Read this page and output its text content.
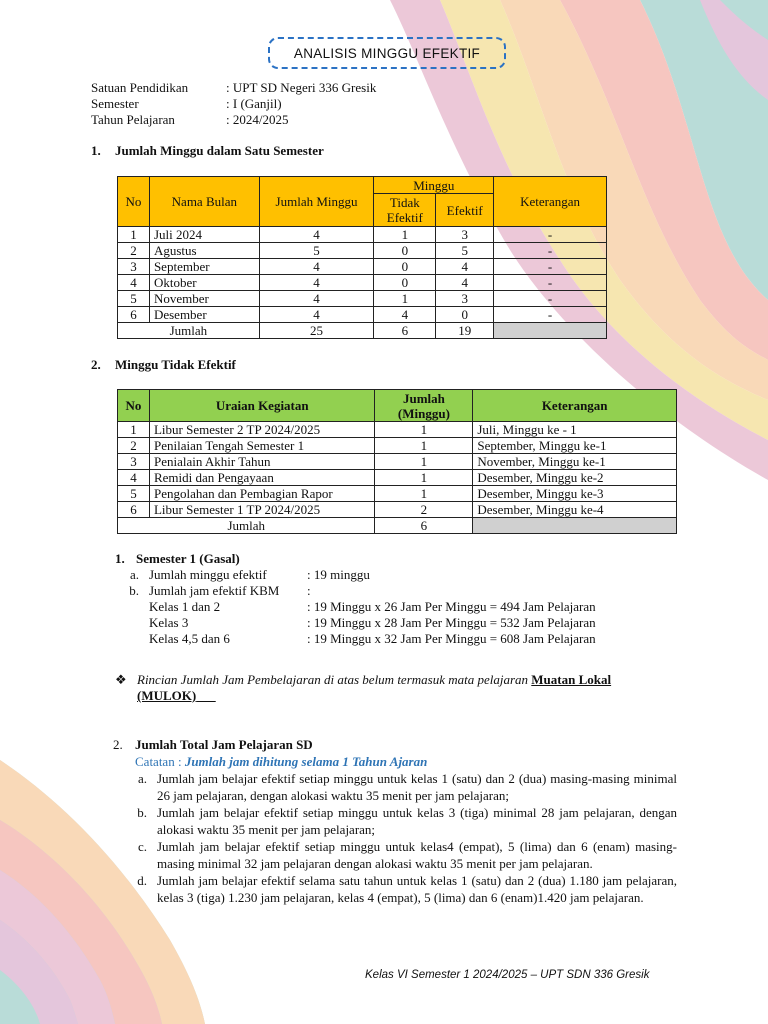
ANALISIS MINGGU EFEKTIF
Satuan Pendidikan	: UPT SD Negeri 336 Gresik
Semester	: I (Ganjil)
Tahun Pelajaran	: 2024/2025
1. Jumlah Minggu dalam Satu Semester
No	Nama Bulan	Jumlah Minggu	Minggu		Keterangan
			Tidak Efektif	Efektif	
1	Juli 2024	4	1	3	-
2	Agustus	5	0	5	-
3	September	4	0	4	-
4	Oktober	4	0	4	-
5	November	4	1	3	-
6	Desember	4	4	0	-
Jumlah		25	6	19	
2. Minggu Tidak Efektif
No	Uraian Kegiatan	Jumlah (Minggu)	Keterangan
1	Libur Semester 2 TP 2024/2025	1	Juli, Minggu ke - 1
2	Penilaian Tengah Semester 1	1	September, Minggu ke-1
3	Penialain Akhir Tahun	1	November, Minggu ke-1
4	Remidi dan Pengayaan	1	Desember, Minggu ke-2
5	Pengolahan dan Pembagian Rapor	1	Desember, Minggu ke-3
6	Libur Semester 1 TP 2024/2025	2	Desember, Minggu ke-4
Jumlah		6	
1. Semester 1 (Gasal)
a. Jumlah minggu efektif	: 19 minggu
b. Jumlah jam efektif KBM	:
Kelas 1 dan 2	: 19 Minggu x 26 Jam Per Minggu = 494 Jam Pelajaran
Kelas 3	: 19 Minggu x 28 Jam Per Minggu = 532 Jam Pelajaran
Kelas 4,5 dan 6	: 19 Minggu x 32 Jam Per Minggu = 608 Jam Pelajaran
❖ Rincian Jumlah Jam Pembelajaran di atas belum termasuk mata pelajaran Muatan Lokal
(MULOK)
2. Jumlah Total Jam Pelajaran SD
Catatan : Jumlah jam dihitung selama 1 Tahun Ajaran
a. Jumlah jam belajar efektif setiap minggu untuk kelas 1 (satu) dan 2 (dua) masing-masing minimal 26 jam pelajaran, dengan alokasi waktu 35 menit per jam pelajaran;
b. Jumlah jam belajar efektif setiap minggu untuk kelas 3 (tiga) minimal 28 jam pelajaran, dengan alokasi waktu 35 menit per jam pelajaran;
c. Jumlah jam belajar efektif setiap minggu untuk kelas4 (empat), 5 (lima) dan 6 (enam) masing-masing minimal 32 jam pelajaran dengan alokasi waktu 35 menit per jam pelajaran.
d. Jumlah jam belajar efektif selama satu tahun untuk kelas 1 (satu) dan 2 (dua) 1.180 jam pelajaran, kelas 3 (tiga) 1.230 jam pelajaran, kelas 4 (empat), 5 (lima) dan 6 (enam)1.420 jam pelajaran.
Kelas VI Semester 1 2024/2025 – UPT SDN 336 Gresik
